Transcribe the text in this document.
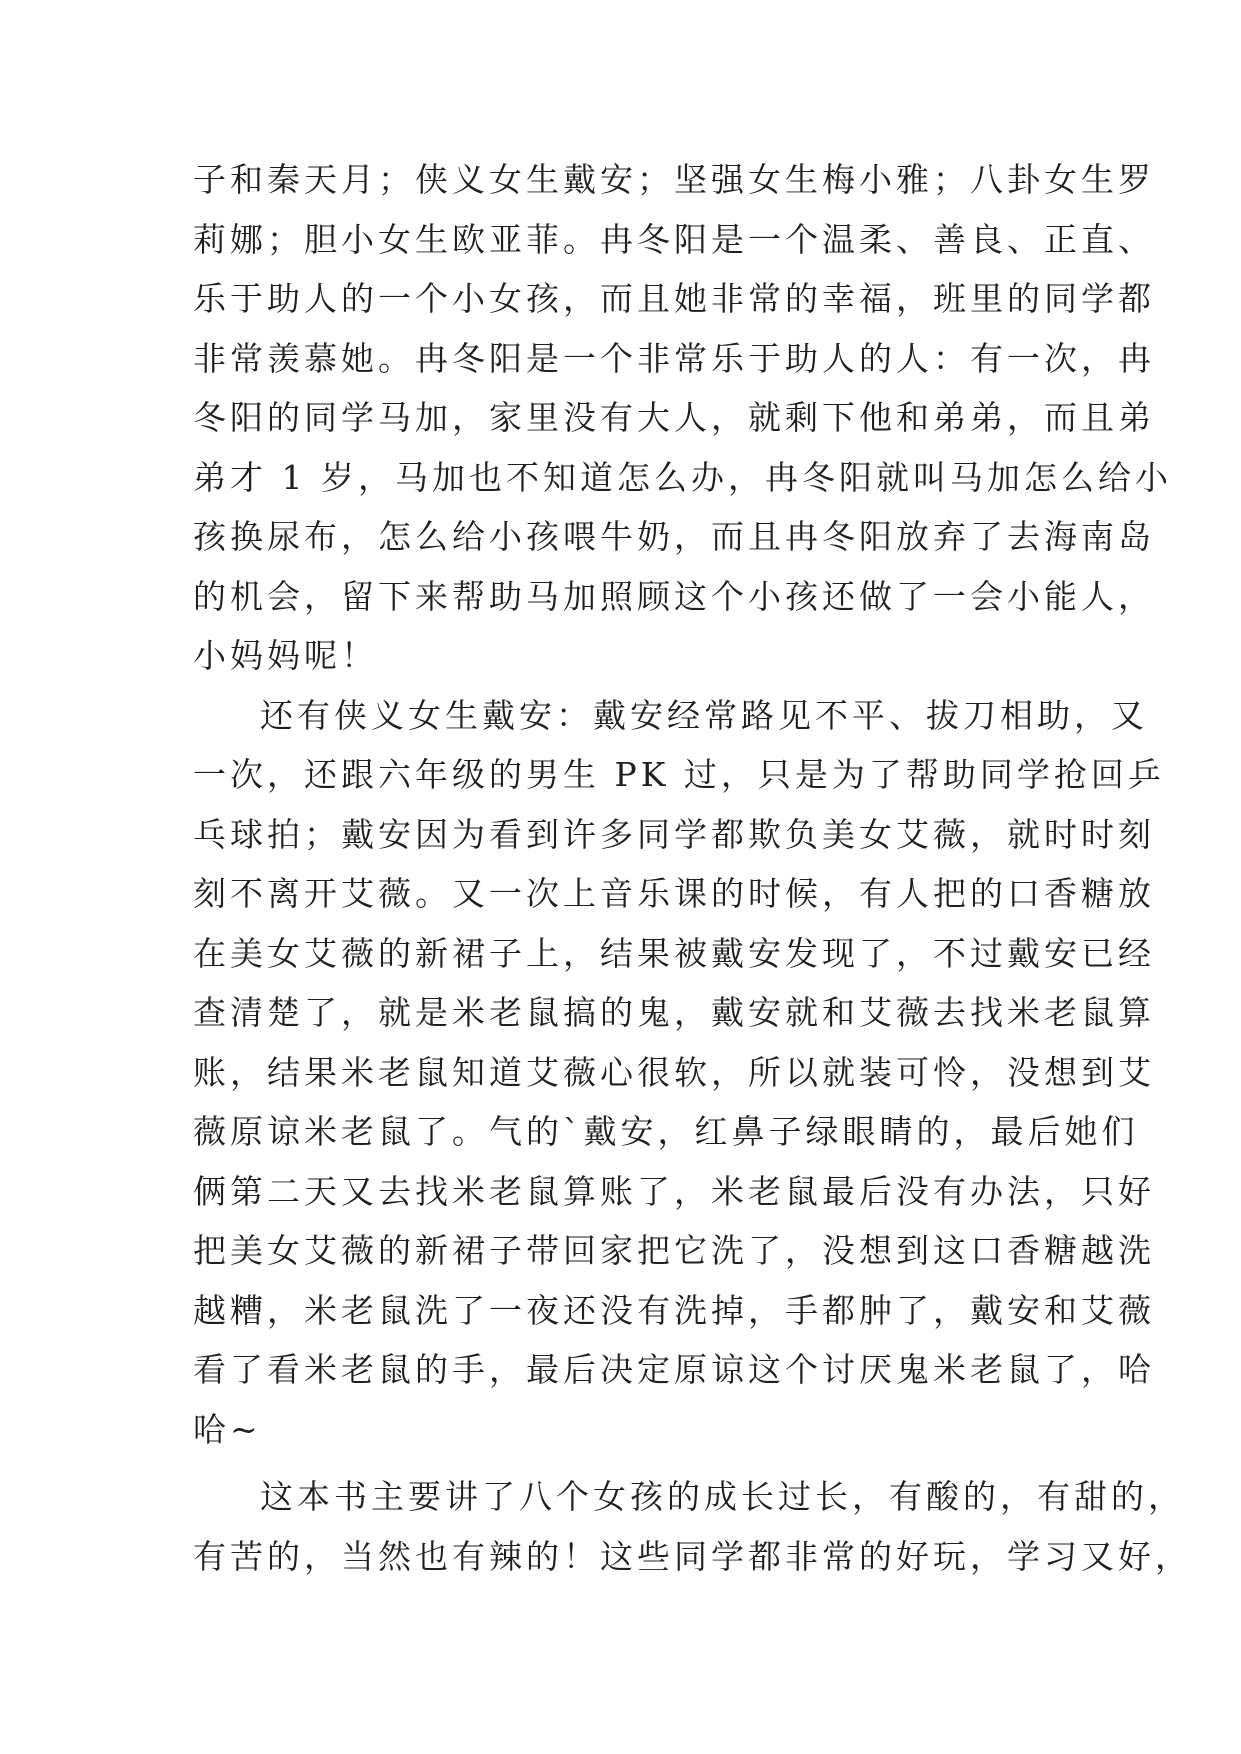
子和秦天月；侠义女生戴安；坚强女生梅小雅；八卦女生罗
莉娜；胆小女生欧亚菲。冉冬阳是一个温柔、善良、正直、
乐于助人的一个小女孩，而且她非常的幸福，班里的同学都
非常羡慕她。冉冬阳是一个非常乐于助人的人：有一次，冉
冬阳的同学马加，家里没有大人，就剩下他和弟弟，而且弟
弟才 1 岁，马加也不知道怎么办，冉冬阳就叫马加怎么给小
孩换尿布，怎么给小孩喂牛奶，而且冉冬阳放弃了去海南岛
的机会，留下来帮助马加照顾这个小孩还做了一会小能人，
小妈妈呢！
还有侠义女生戴安：戴安经常路见不平、拔刀相助，又
一次，还跟六年级的男生 PK 过，只是为了帮助同学抢回乒
乓球拍；戴安因为看到许多同学都欺负美女艾薇，就时时刻
刻不离开艾薇。又一次上音乐课的时候，有人把的口香糖放
在美女艾薇的新裙子上，结果被戴安发现了，不过戴安已经
查清楚了，就是米老鼠搞的鬼，戴安就和艾薇去找米老鼠算
账，结果米老鼠知道艾薇心很软，所以就装可怜，没想到艾
薇原谅米老鼠了。气的`戴安，红鼻子绿眼睛的，最后她们
俩第二天又去找米老鼠算账了，米老鼠最后没有办法，只好
把美女艾薇的新裙子带回家把它洗了，没想到这口香糖越洗
越糟，米老鼠洗了一夜还没有洗掉，手都肿了，戴安和艾薇
看了看米老鼠的手，最后决定原谅这个讨厌鬼米老鼠了，哈
哈~
这本书主要讲了八个女孩的成长过长，有酸的，有甜的，
有苦的，当然也有辣的！这些同学都非常的好玩，学习又好，
